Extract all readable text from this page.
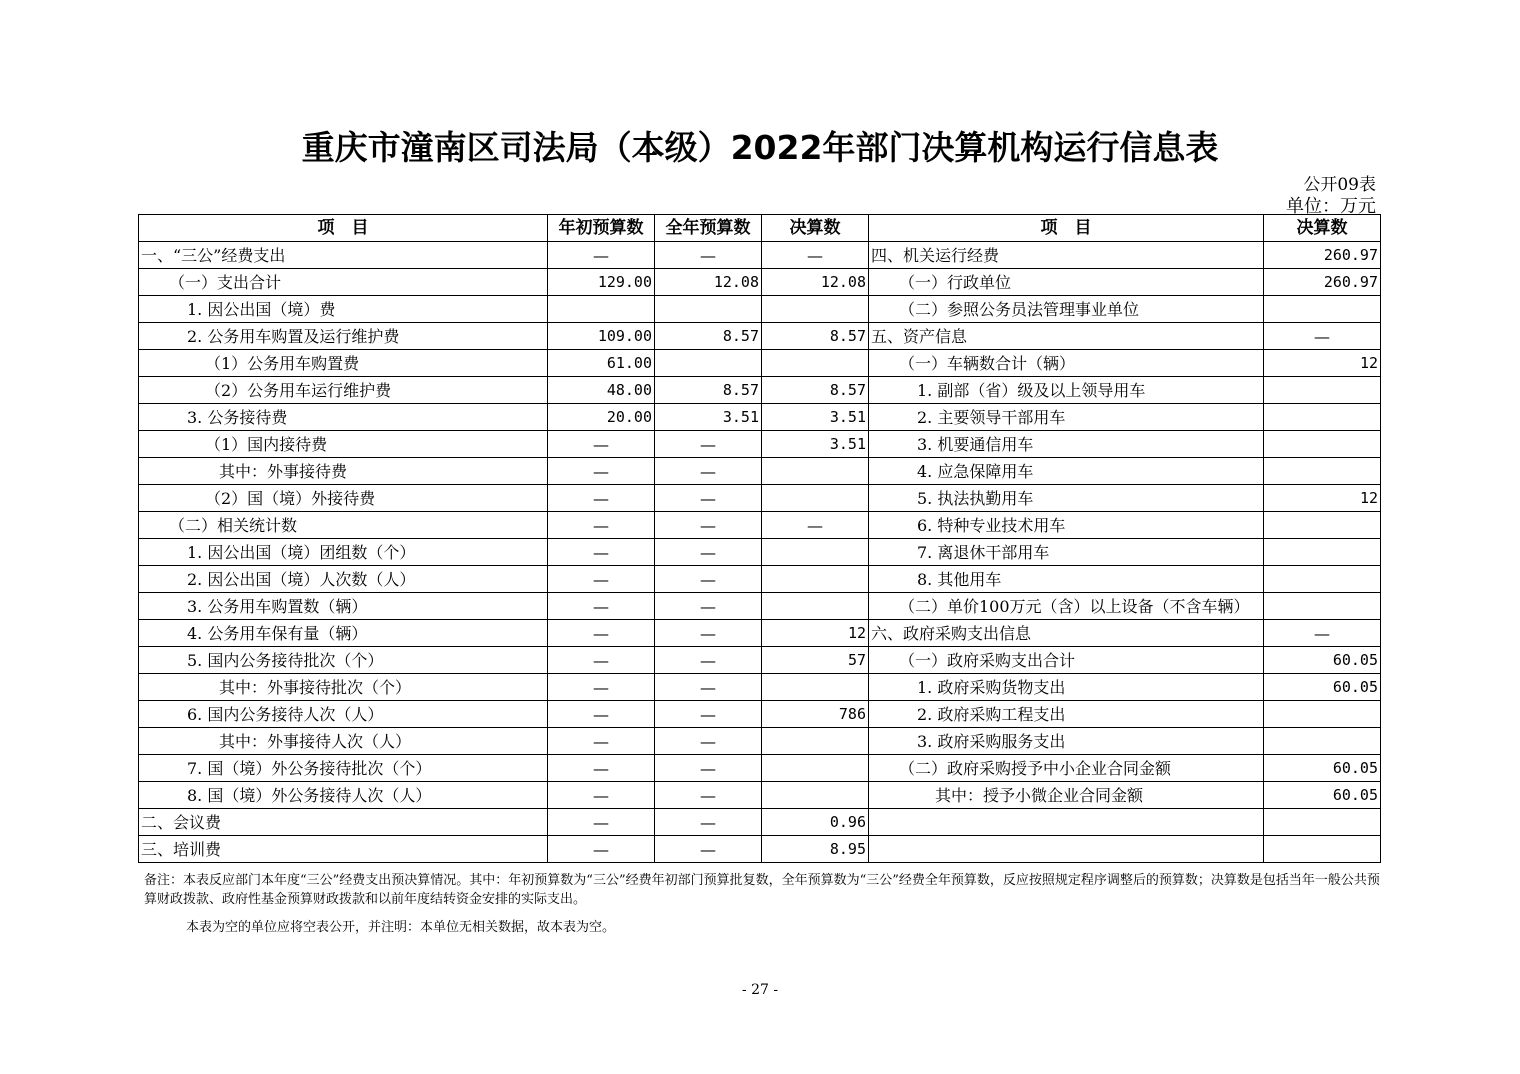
重庆市潼南区司法局（本级）2022年部门决算机构运行信息表
公开09表
单位：万元
项　目	年初预算数	全年预算数	决算数	项　目	决算数
一、“三公”经费支出	—	—	—	四、机关运行经费	260.97
（一）支出合计	129.00	12.08	12.08	（一）行政单位	260.97
1. 因公出国（境）费				（二）参照公务员法管理事业单位	
2. 公务用车购置及运行维护费	109.00	8.57	8.57	五、资产信息	—
（1）公务用车购置费	61.00			（一）车辆数合计（辆）	12
（2）公务用车运行维护费	48.00	8.57	8.57	1. 副部（省）级及以上领导用车	
3. 公务接待费	20.00	3.51	3.51	2. 主要领导干部用车	
（1）国内接待费	—	—	3.51	3. 机要通信用车	
其中：外事接待费	—	—		4. 应急保障用车	
（2）国（境）外接待费	—	—		5. 执法执勤用车	12
（二）相关统计数	—	—	—	6. 特种专业技术用车	
1. 因公出国（境）团组数（个）	—	—		7. 离退休干部用车	
2. 因公出国（境）人次数（人）	—	—		8. 其他用车	
3. 公务用车购置数（辆）	—	—		（二）单价100万元（含）以上设备（不含车辆）	
4. 公务用车保有量（辆）	—	—	12	六、政府采购支出信息	—
5. 国内公务接待批次（个）	—	—	57	（一）政府采购支出合计	60.05
其中：外事接待批次（个）	—	—		1. 政府采购货物支出	60.05
6. 国内公务接待人次（人）	—	—	786	2. 政府采购工程支出	
其中：外事接待人次（人）	—	—		3. 政府采购服务支出	
7. 国（境）外公务接待批次（个）	—	—		（二）政府采购授予中小企业合同金额	60.05
8. 国（境）外公务接待人次（人）	—	—		其中：授予小微企业合同金额	60.05
二、会议费	—	—	0.96		
三、培训费	—	—	8.95		
备注：本表反应部门本年度“三公”经费支出预决算情况。其中：年初预算数为“三公”经费年初部门预算批复数，全年预算数为“三公”经费全年预算数，反应按照规定程序调整后的预算数；决算数是包括当年一般公共预算财政拨款、政府性基金预算财政拨款和以前年度结转资金安排的实际支出。
本表为空的单位应将空表公开，并注明：本单位无相关数据，故本表为空。
- 27 -
